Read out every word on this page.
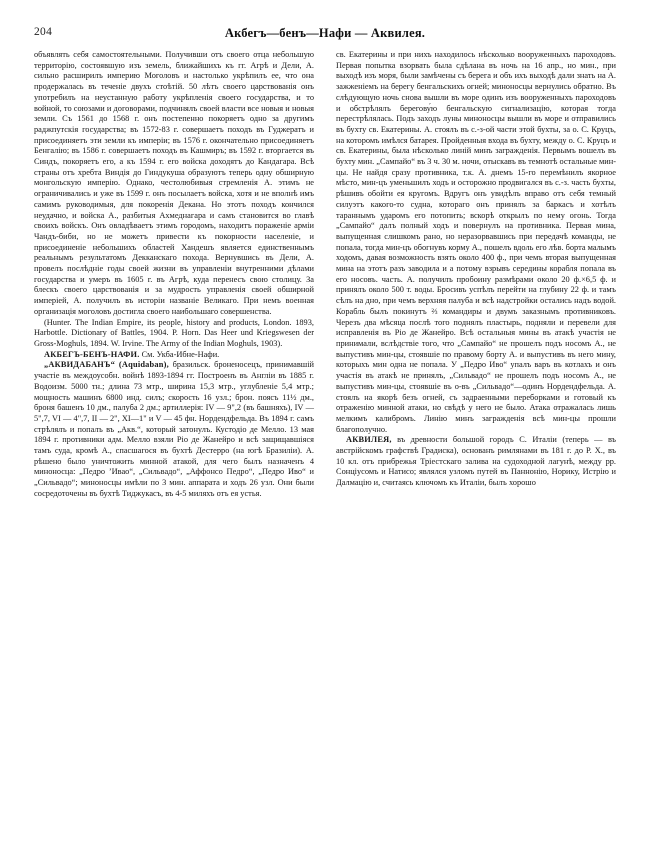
204	Акбегъ—бенъ—Нафи — Аквилея.

объявлять себя самостоятельными. Получивши отъ своего отца небольшую территорію, состоявшую изъ земель, ближайшихъ къ гг. Агрѣ и Дели, А. сильно расширилъ империю Моголовъ и настолько укрѣпилъ ее, что она продержалась въ теченіе двухъ стоѣтій. 50 лѣтъ своего царствованія онъ употребилъ на неустанную работу укрѣпленія своего государства, и то войной, то союзами и договорами, подчинялъ своей власти все новыя и новыя земли. Съ 1561 до 1568 г. онъ постепенно покоряетъ одно за другимъ раджпутскія государства; въ 1572-83 г. совершаетъ походъ въ Гуджератъ и присоединяетъ эти земли къ имперіи; въ 1576 г. окончательно присоединяетъ Бенгалію; въ 1586 г. совершаетъ походъ въ Кашмиръ; въ 1592 г. вторгается въ Синдъ, покоряетъ его, а къ 1594 г. его войска доходятъ до Кандагара. Всѣ страны отъ хребта Виндія до Гиндукуша образуютъ теперь одну обширную монгольскую имперію. Однако, честолюбивыя стремленія А. этимъ не ограничивались и уже въ 1599 г. онъ посылаетъ войска, хотя и не вполнѣ имъ самимъ руководимыя, для покоренія Декана. Но этотъ походъ кончился неудачно, и войска А., разбитыя Ахмеднагара и самъ становится во главѣ своихъ войскъ. Онъ овладѣваетъ этимъ городомъ, находитъ пораженіе арміи Чандъ-биби, но не можетъ привести къ покорности населеніе, и присоединеніе небольшихъ областей Хандешъ является единственнымъ реальнымъ результатомъ Декканскаго похода. Вернувшись въ Дели, А. провелъ послѣдніе годы своей жизни въ управленіи внутренними дѣлами государства и умеръ въ 1605 г. въ Агрѣ, куда перенесъ свою столицу. За блескъ своего царствованія и за мудрость управленія своей обширной имперіей, А. получилъ въ исторіи названіе Великаго. При немъ военная организація моголовъ достигла своего наибольшаго совершенства.

(Hunter. The Indian Empire, its people, history and products, London. 1893, Harbottle. Dictionary of Battles, 1904. P. Horn. Das Heer und Kriegswesen der Gross-Moghuls, 1894. W. Irvine. The Army of the Indian Moghuls, 1903).

АКБЕГЪ-БЕНЪ-НАФИ. См. Укба-Ибне-Нафи.

„АКВИДАБАНЪ“ (Aquidaban), бразильск. броненосецъ, принимавшій участіе въ междоусобн. войнѣ 1893-1894 гг. Построенъ въ Англіи въ 1885 г. Водоизм. 5000 тн.; длина 73 мтр., ширина 15,3 мтр., углубленіе 5,4 мтр.; мощность машинъ 6800 инд. силъ; скорость 16 узл.; брон. поясъ 11½ дм., броня башенъ 10 дм., палуба 2 дм.; артиллерія: IV — 9",2 (въ башняхъ), IV — 5",7, VI — 4",7, II — 2", XI—1" и V — 45 фн. Нордендфельда. Въ 1894 г. самъ стрѣлялъ и попалъ въ „Акв.“, который затонулъ. Кустодіо де Мелло. 13 мая 1894 г. противники адм. Мелло взяли Ріо де Жанейро и всѣ защищавшіяся тамъ суда, кромѣ А., спасшагося въ бухтѣ Дестерро (на югѣ Бразиліи). А. рѣшено было уничтожить минной атакой, для чего былъ назначенъ 4 миноносца: „Педро ’Ивао“, „Сильвадо“, „Аффонсо Педро“, „Педро Иво“ и „Сильвадо“; миноносцы имѣли по 3 мин. аппарата и ходъ 26 узл. Они были сосредоточены въ бухтѣ Тиджукасъ, въ 4-5 миляхъ отъ ея устья.

св. Екатерины и при нихъ находилось нѣсколько вооруженныхъ пароходовъ. Первая попытка взорвать была сдѣлана въ ночь на 16 апр., но мин., при выходѣ изъ моря, были замѣчены съ берега и объ ихъ выходѣ дали знать на А. зажженіемъ на берегу бенгальскихъ огней; миноносцы вернулись обратно. Въ слѣдующую ночь снова вышли въ море одинъ изъ вооруженныхъ пароходовъ и обстрѣлялъ берегову́ю бенгальскую сигнализацію, которая тогда перестрѣлялась. Подъ заходъ луны миноносцы вышли въ море и отправились въ бухту св. Екатерины. А. стоялъ въ с.-з-ой части этой бухты, за о. С. Круцъ, на которомъ имѣлся батарея. Пройденныя входа въ бухту, между о. С. Круцъ и св. Екатерины, была нѣсколько линій минъ загражденія. Первымъ вошелъ въ бухту мин. „Сампайо“ въ 3 ч. 30 м. ночи, отыскавъ въ темнотѣ остальные мин-цы. Не найдя сразу противника, т.к. А. днемъ 15-го перемѣнилъ якорное мѣсто, мин-цъ уменьшилъ ходъ и осторожно продвигался въ с.-з. часть бухты, рѣшивъ обойти ея кругомъ. Вдругъ онъ увидѣлъ вправо отъ себя темный силуэтъ какого-то судна, котораго онъ принялъ за баркасъ и хотѣлъ тараннымъ ударомъ его потопить; вскорѣ открылъ по нему огонь. Тогда „Сампайо“ далъ полный ходъ и повернулъ на противника. Первая мина, выпущенная слишкомъ рано, но неразорвавшись при передачѣ команды, не попала, тогда мин-цъ обогнувъ корму А., пошелъ вдоль его лѣв. борта малымъ ходомъ, давая возможность взять около 400 ф., при чемъ вторая выпущенная мина на этотъ разъ заводила и а потому взрывъ середины корабля попала въ его носовъ. часть. А. получилъ пробоину размѣрами около 20 ф.×6,5 ф. и принялъ около 500 т. воды. Бросивъ успѣлъ перейти на глубину 22 ф. и тамъ сѣлъ на дно, при чемъ верхняя палуба и всѣ надстройки остались надъ водой. Корабль былъ покинутъ ⅔ командиры и двумъ заказнымъ противниковъ. Черезъ два мѣсяца послѣ того поднялъ пластырь, подняли и перевели для исправленія въ Ріо де Жанейро. Всѣ остальныя мины въ атакѣ участія не принимали, вслѣдствіе того, что „Сампайо“ не прошелъ подъ носомъ А., не выпустивъ мин-цы, стоявшіе по правому борту А. и выпустивъ въ него мину, которыхъ мин одна не попала. У „Педро Иво“ упалъ варъ въ котлахъ и онъ участія въ атакѣ не принялъ, „Сильвадо“ не прошелъ подъ носомъ А., не выпустивъ мин-цы, стоявшіе въ о-въ „Сильвадо“—одинъ Нордендфельда. А. стоялъ на якорѣ безъ огней, съ задраенными переборками и готовый къ отраженію минной атаки, но свѣдѣ у него не было. Атака отражалась лишь мелкимъ калибромъ. Линію минъ загражденія всѣ мин-цы прошли благополучно.

АКВИЛЕЯ, въ древности большой городъ С. Италіи (теперь — въ австрійскомъ графствѣ Градиска), основанъ римлянами въ 181 г. до Р. X., въ 10 кл. отъ прибрежья Тріестскаго залива на судоходной лагунѣ, между рр. Сонціусомъ и Натисо; являлся узломъ путей въ Паннонію, Норику, Истрію и Далмацію и, считаясь ключомъ къ Италіи, былъ хорошо
